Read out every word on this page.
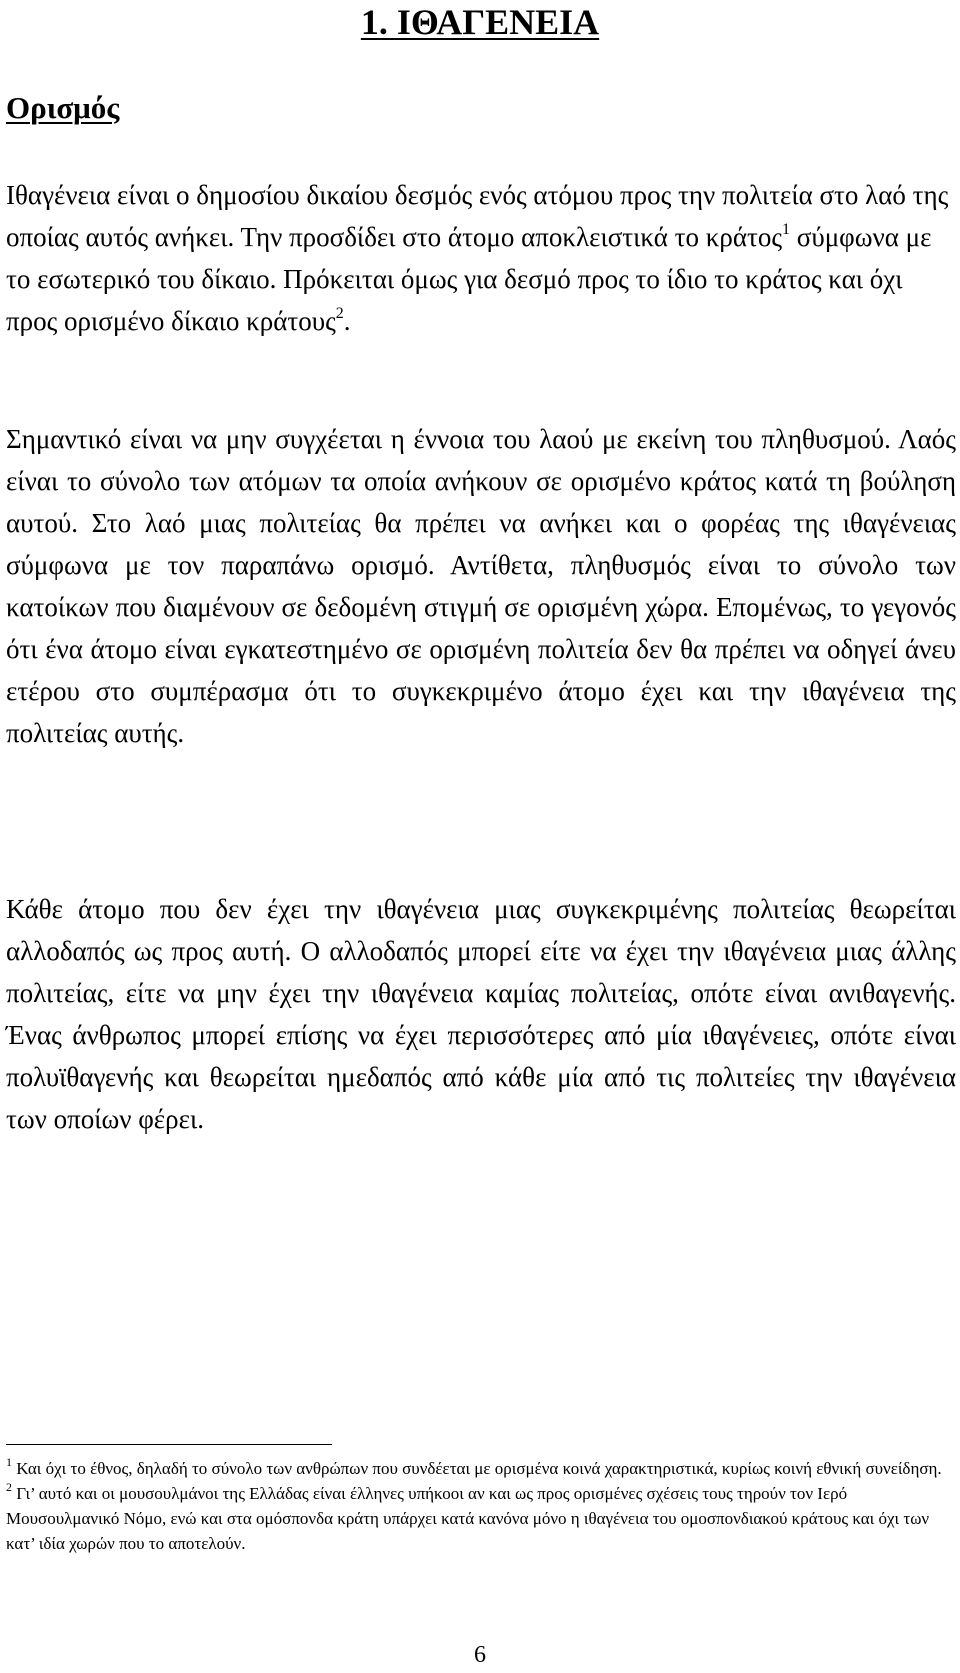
1. ΙΘΑΓΕΝΕΙΑ
Ορισμός

Ιθαγένεια είναι ο δημοσίου δικαίου δεσμός ενός ατόμου προς την πολιτεία στο λαό της οποίας αυτός ανήκει. Την προσδίδει στο άτομο αποκλειστικά το κράτος$^1$ σύμφωνα με το εσωτερικό του δίκαιο. Πρόκειται όμως για δεσμό προς το ίδιο το κράτος και όχι προς ορισμένο δίκαιο κράτους$^2$.

Σημαντικό είναι να μην συγχέεται η έννοια του λαού με εκείνη του πληθυσμού. Λαός είναι το σύνολο των ατόμων τα οποία ανήκουν σε ορισμένο κράτος κατά τη βούληση αυτού. Στο λαό μιας πολιτείας θα πρέπει να ανήκει και ο φορέας της ιθαγένειας σύμφωνα με τον παραπάνω ορισμό. Αντίθετα, πληθυσμός είναι το σύνολο των κατοίκων που διαμένουν σε δεδομένη στιγμή σε ορισμένη χώρα. Επομένως, το γεγονός ότι ένα άτομο είναι εγκατεστημένο σε ορισμένη πολιτεία δεν θα πρέπει να οδηγεί άνευ ετέρου στο συμπέρασμα ότι το συγκεκριμένο άτομο έχει και την ιθαγένεια της πολιτείας αυτής.

Κάθε άτομο που δεν έχει την ιθαγένεια μιας συγκεκριμένης πολιτείας θεωρείται αλλοδαπός ως προς αυτή. Ο αλλοδαπός μπορεί είτε να έχει την ιθαγένεια μιας άλλης πολιτείας, είτε να μην έχει την ιθαγένεια καμίας πολιτείας, οπότε είναι ανιθαγενής. Ένας άνθρωπος μπορεί επίσης να έχει περισσότερες από μία ιθαγένειες, οπότε είναι πολυϊθαγενής και θεωρείται ημεδαπός από κάθε μία από τις πολιτείες την ιθαγένεια των οποίων φέρει.

$^1$ Και όχι το έθνος, δηλαδή το σύνολο των ανθρώπων που συνδέεται με ορισμένα κοινά χαρακτηριστικά, κυρίως κοινή εθνική συνείδηση.

$^2$ Γι’ αυτό και οι μουσουλμάνοι της Ελλάδας είναι έλληνες υπήκοοι αν και ως προς ορισμένες σχέσεις τους τηρούν τον Ιερό Μουσουλμανικό Νόμο, ενώ και στα ομόσπονδα κράτη υπάρχει κατά κανόνα μόνο η ιθαγένεια του ομοσπονδιακού κράτους και όχι των κατ’ ιδία χωρών που το αποτελούν.

6
